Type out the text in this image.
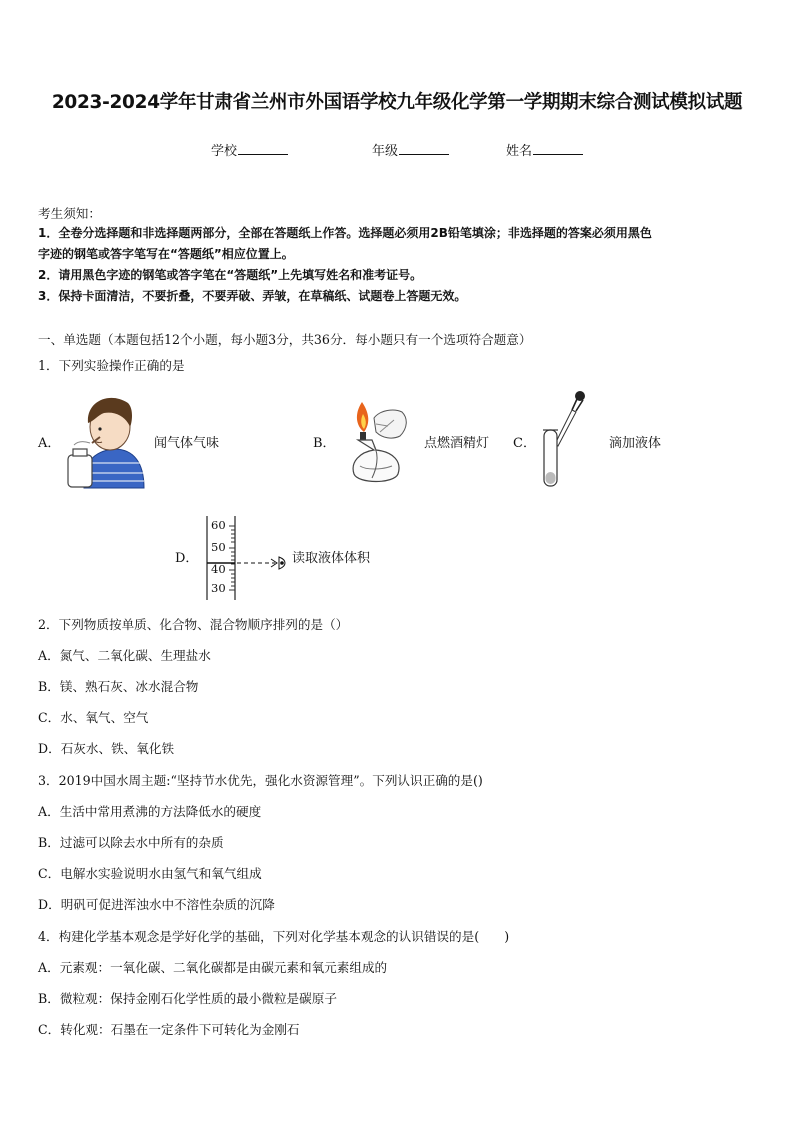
2023-2024学年甘肃省兰州市外国语学校九年级化学第一学期期末综合测试模拟试题
学校	年级	姓名
考生须知：
1．全卷分选择题和非选择题两部分，全部在答题纸上作答。选择题必须用2B铅笔填涂；非选择题的答案必须用黑色
字迹的钢笔或答字笔写在“答题纸”相应位置上。
2．请用黑色字迹的钢笔或答字笔在“答题纸”上先填写姓名和准考证号。
3．保持卡面清洁，不要折叠，不要弄破、弄皱，在草稿纸、试题卷上答题无效。
一、单选题（本题包括12个小题，每小题3分，共36分．每小题只有一个选项符合题意）
1．下列实验操作正确的是
A．	闻气体气味	B．	点燃酒精灯 C．	滴加液体
D．
60
50
40
30
读取液体体积
2．下列物质按单质、化合物、混合物顺序排列的是（）
A．氮气、二氧化碳、生理盐水
B．镁、熟石灰、冰水混合物
C．水、氧气、空气
D．石灰水、铁、氧化铁
3．2019中国水周主题:“坚持节水优先，强化水资源管理”。下列认识正确的是()
A．生活中常用煮沸的方法降低水的硬度
B．过滤可以除去水中所有的杂质
C．电解水实验说明水由氢气和氧气组成
D．明矾可促进浑浊水中不溶性杂质的沉降
4．构建化学基本观念是学好化学的基础，下列对化学基本观念的认识错误的是(　　)
A．元素观：一氧化碳、二氧化碳都是由碳元素和氧元素组成的
B．微粒观：保持金刚石化学性质的最小微粒是碳原子
C．转化观：石墨在一定条件下可转化为金刚石
